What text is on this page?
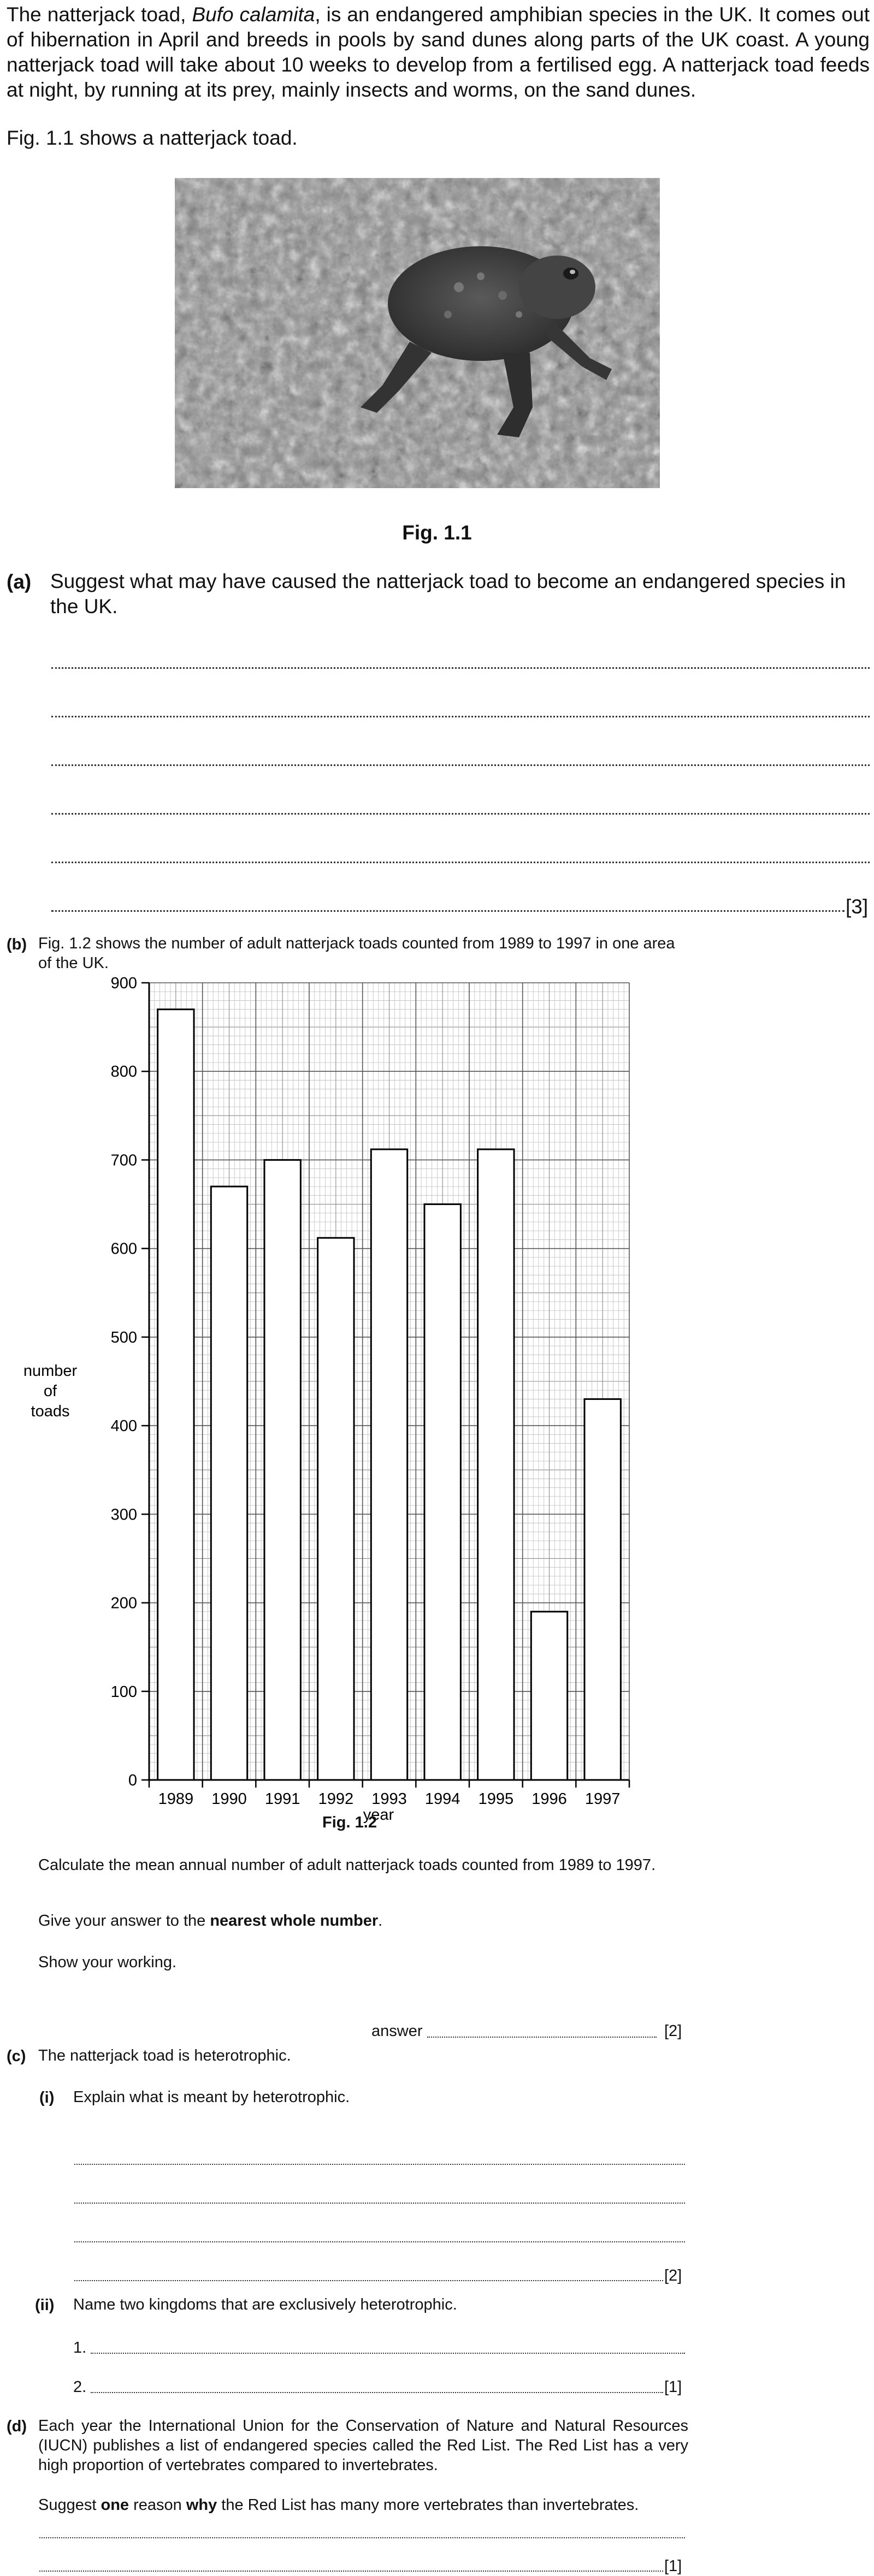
The natterjack toad, Bufo calamita, is an endangered amphibian species in the UK. It comes out of hibernation in April and breeds in pools by sand dunes along parts of the UK coast. A young natterjack toad will take about 10 weeks to develop from a fertilised egg. A natterjack toad feeds at night, by running at its prey, mainly insects and worms, on the sand dunes.
Fig. 1.1 shows a natterjack toad.
Fig. 1.1
(a) Suggest what may have caused the natterjack toad to become an endangered species in the UK.
[3]
(b) Fig. 1.2 shows the number of adult natterjack toads counted from 1989 to 1997 in one area of the UK.
0
100
200
300
400
500
600
700
800
900
1989 1990 1991 1992 1993 1994 1995 1996 1997
number
of
toads
year
Fig. 1.2
Calculate the mean annual number of adult natterjack toads counted from 1989 to 1997.
Give your answer to the nearest whole number.
Show your working.
answer	[2]
(c) The natterjack toad is heterotrophic.
(i) Explain what is meant by heterotrophic.
[2]
(ii) Name two kingdoms that are exclusively heterotrophic.
1.
2.	[1]
(d) Each year the International Union for the Conservation of Nature and Natural Resources (IUCN) publishes a list of endangered species called the Red List. The Red List has a very high proportion of vertebrates compared to invertebrates.
Suggest one reason why the Red List has many more vertebrates than invertebrates.
[1]
